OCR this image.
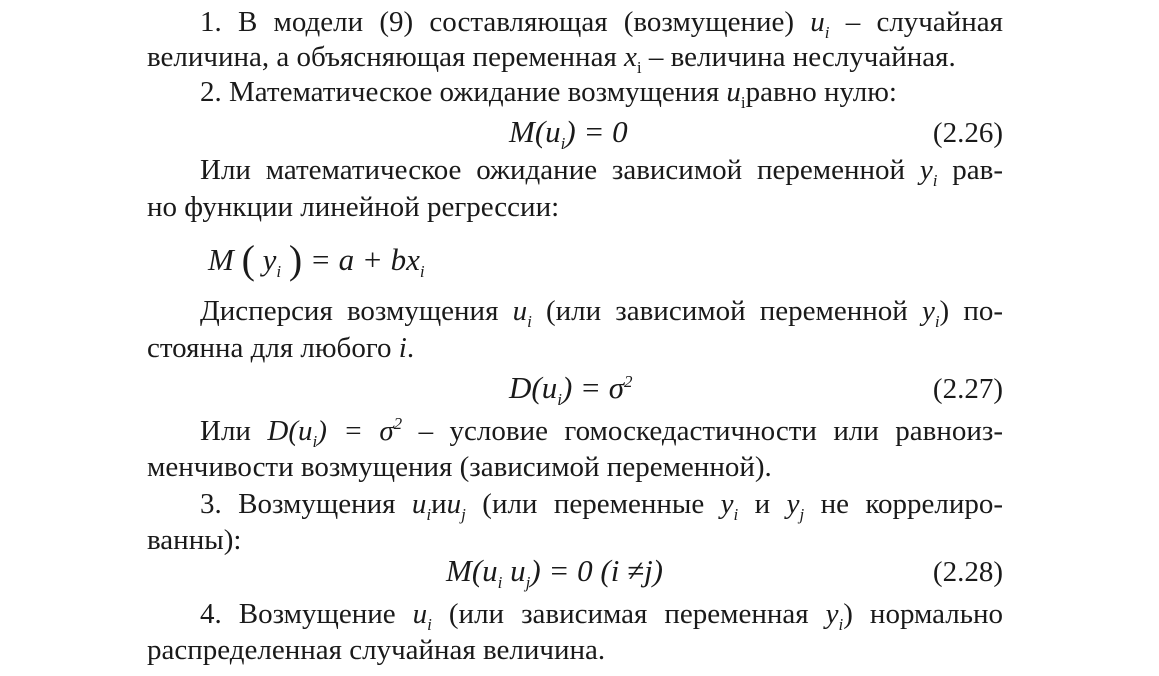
1. В модели (9) составляющая (возмущение) $u_i$ – случайная
величина, а объясняющая переменная $x_i$ – величина неслучайная.
2. Математическое ожидание возмущения $u_iравно$ нулю:
$M(u_i) = 0$	(2.26)
Или математическое ожидание зависимой переменной $y_i$ рав-
но функции линейной регрессии:
M ( $y_i$ ) = $a + bx_i$
Дисперсия возмущения $u_i$ (или зависимой переменной $y_i$) по-
стоянна для любого i.
$D(u_i) = \sigma^2$	(2.27)
Или $D(u_i) = \sigma^2$ – условие гомоскедастичности или равноиз-
менчивости возмущения (зависимой переменной).
3. Возмущения $u_iиu_j$ (или переменные $y_i$ и $y_j$ не коррелиро-
ванны):
$M(u_i$ $u_j) = 0$ (i ≠j)	(2.28)
4. Возмущение $u_i$ (или зависимая переменная $y_i$) нормально
распределенная случайная величина.
